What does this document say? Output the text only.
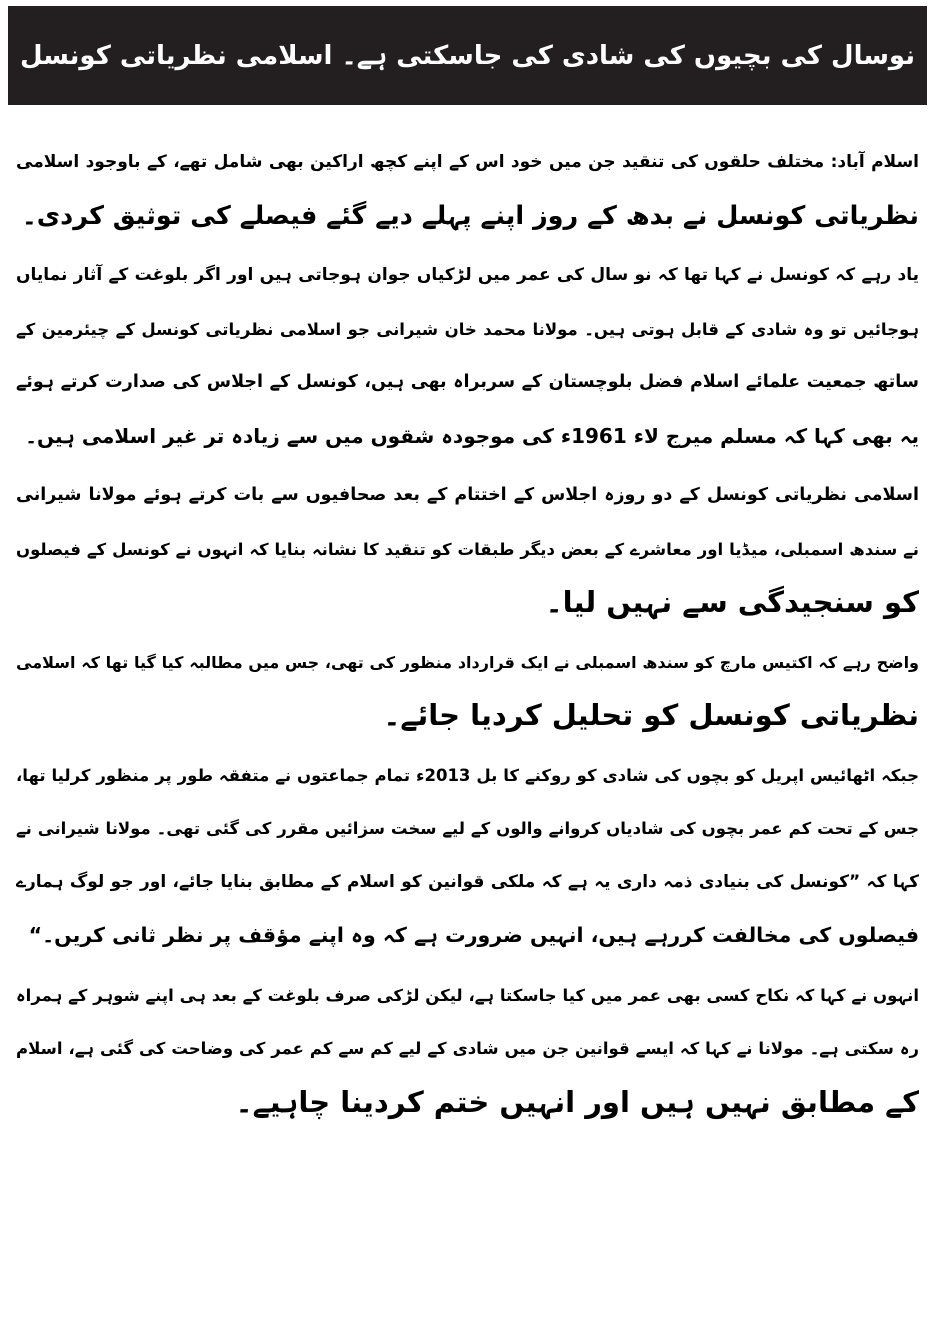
نوسال کی بچیوں کی شادی کی جاسکتی ہے۔ اسلامی نظریاتی کونسل
اسلام آباد: مختلف حلقوں کی تنقید جن میں خود اس کے اپنے کچھ اراکین بھی شامل تھے، کے باوجود اسلامی
نظریاتی کونسل نے بدھ کے روز اپنے پہلے دیے گئے فیصلے کی توثیق کردی۔
یاد رہے کہ کونسل نے کہا تھا کہ نو سال کی عمر میں لڑکیاں جوان ہوجاتی ہیں اور اگر بلوغت کے آثار نمایاں
ہوجائیں تو وہ شادی کے قابل ہوتی ہیں۔ مولانا محمد خان شیرانی جو اسلامی نظریاتی کونسل کے چیئرمین کے
ساتھ جمعیت علمائے اسلام فضل بلوچستان کے سربراہ بھی ہیں، کونسل کے اجلاس کی صدارت کرتے ہوئے
یہ بھی کہا کہ مسلم میرج لاء 1961ء کی موجودہ شقوں میں سے زیادہ تر غیر اسلامی ہیں۔
اسلامی نظریاتی کونسل کے دو روزہ اجلاس کے اختتام کے بعد صحافیوں سے بات کرتے ہوئے مولانا شیرانی
نے سندھ اسمبلی، میڈیا اور معاشرے کے بعض دیگر طبقات کو تنقید کا نشانہ بنایا کہ انہوں نے کونسل کے فیصلوں
کو سنجیدگی سے نہیں لیا۔
واضح رہے کہ اکتیس مارچ کو سندھ اسمبلی نے ایک قرارداد منظور کی تھی، جس میں مطالبہ کیا گیا تھا کہ اسلامی
نظریاتی کونسل کو تحلیل کردیا جائے۔
جبکہ اٹھائیس اپریل کو بچوں کی شادی کو روکنے کا بل 2013ء تمام جماعتوں نے متفقہ طور پر منظور کرلیا تھا،
جس کے تحت کم عمر بچوں کی شادیاں کروانے والوں کے لیے سخت سزائیں مقرر کی گئی تھی۔ مولانا شیرانی نے
کہا کہ ”کونسل کی بنیادی ذمہ داری یہ ہے کہ ملکی قوانین کو اسلام کے مطابق بنایا جائے، اور جو لوگ ہمارے
فیصلوں کی مخالفت کررہے ہیں، انہیں ضرورت ہے کہ وہ اپنے مؤقف پر نظر ثانی کریں۔“
انہوں نے کہا کہ نکاح کسی بھی عمر میں کیا جاسکتا ہے، لیکن لڑکی صرف بلوغت کے بعد ہی اپنے شوہر کے ہمراہ
رہ سکتی ہے۔ مولانا نے کہا کہ ایسے قوانین جن میں شادی کے لیے کم سے کم عمر کی وضاحت کی گئی ہے، اسلام
کے مطابق نہیں ہیں اور انہیں ختم کردینا چاہیے۔
